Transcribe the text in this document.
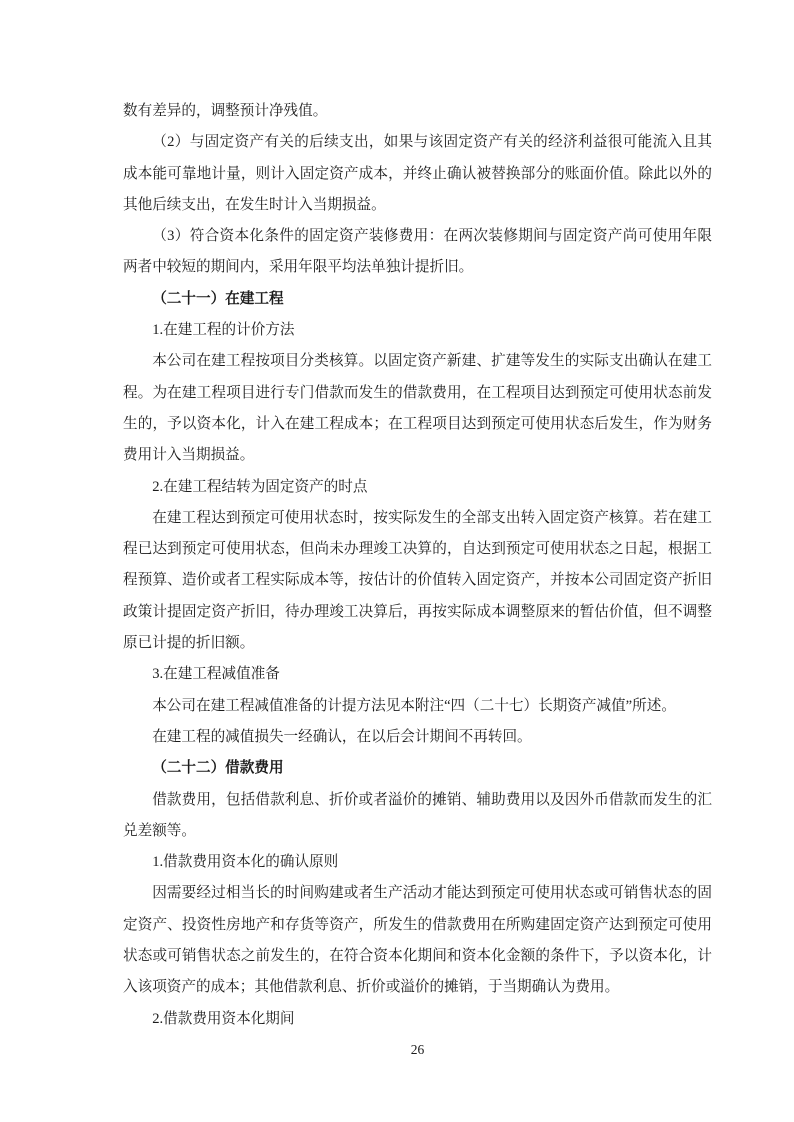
数有差异的，调整预计净残值。

（2）与固定资产有关的后续支出，如果与该固定资产有关的经济利益很可能流入且其成本能可靠地计量，则计入固定资产成本，并终止确认被替换部分的账面价值。除此以外的其他后续支出，在发生时计入当期损益。

（3）符合资本化条件的固定资产装修费用：在两次装修期间与固定资产尚可使用年限两者中较短的期间内，采用年限平均法单独计提折旧。

（二十一）在建工程

1.在建工程的计价方法

本公司在建工程按项目分类核算。以固定资产新建、扩建等发生的实际支出确认在建工程。为在建工程项目进行专门借款而发生的借款费用，在工程项目达到预定可使用状态前发生的，予以资本化，计入在建工程成本；在工程项目达到预定可使用状态后发生，作为财务费用计入当期损益。

2.在建工程结转为固定资产的时点

在建工程达到预定可使用状态时，按实际发生的全部支出转入固定资产核算。若在建工程已达到预定可使用状态，但尚未办理竣工决算的，自达到预定可使用状态之日起，根据工程预算、造价或者工程实际成本等，按估计的价值转入固定资产，并按本公司固定资产折旧政策计提固定资产折旧，待办理竣工决算后，再按实际成本调整原来的暂估价值，但不调整原已计提的折旧额。

3.在建工程减值准备

本公司在建工程减值准备的计提方法见本附注“四（二十七）长期资产减值”所述。

在建工程的减值损失一经确认，在以后会计期间不再转回。

（二十二）借款费用

借款费用，包括借款利息、折价或者溢价的摊销、辅助费用以及因外币借款而发生的汇兑差额等。

1.借款费用资本化的确认原则

因需要经过相当长的时间购建或者生产活动才能达到预定可使用状态或可销售状态的固定资产、投资性房地产和存货等资产，所发生的借款费用在所购建固定资产达到预定可使用状态或可销售状态之前发生的，在符合资本化期间和资本化金额的条件下，予以资本化，计入该项资产的成本；其他借款利息、折价或溢价的摊销，于当期确认为费用。

2.借款费用资本化期间

26
